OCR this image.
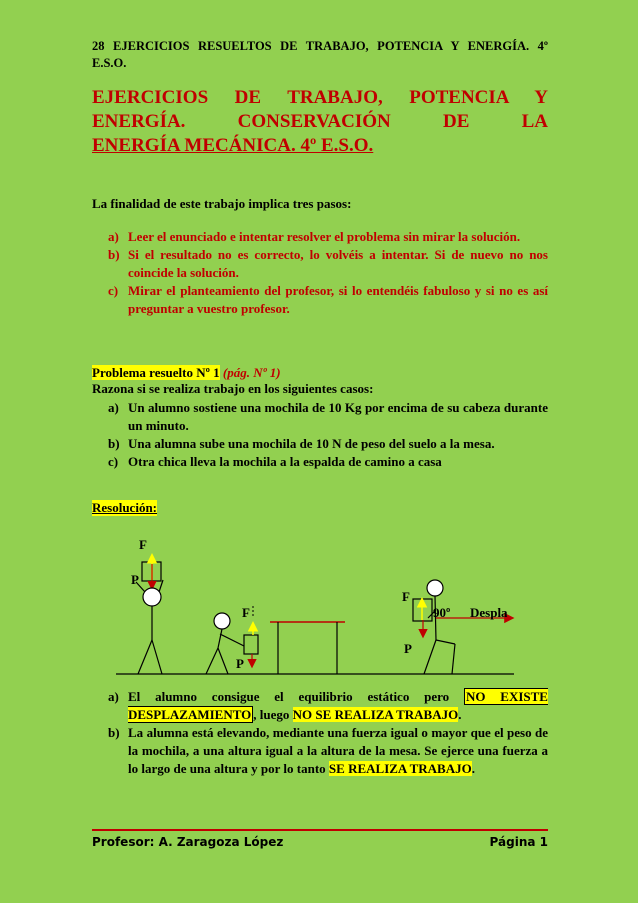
28 EJERCICIOS RESUELTOS DE TRABAJO, POTENCIA Y ENERGÍA. 4º E.S.O.
EJERCICIOS DE TRABAJO, POTENCIA Y
ENERGÍA. CONSERVACIÓN DE LA
ENERGÍA MECÁNICA. 4º E.S.O.
La finalidad de este trabajo implica tres pasos:
a) Leer el enunciado e intentar resolver el problema sin mirar la solución.
b) Si el resultado no es correcto, lo volvéis a intentar. Si de nuevo no nos coincide la solución.
c) Mirar el planteamiento del profesor, si lo entendéis fabuloso y si no es así preguntar a vuestro profesor.
Problema resuelto Nº 1 (pág. Nº 1)
Razona si se realiza trabajo en los siguientes casos:
a) Un alumno sostiene una mochila de 10 Kg por encima de su cabeza durante un minuto.
b) Una alumna sube una mochila de 10 N de peso del suelo a la mesa.
c) Otra chica lleva la mochila a la espalda de camino a casa
Resolución:
F
P
F
P
F
P
90º Despla
a) El alumno consigue el equilibrio estático pero NO EXISTE DESPLAZAMIENTO , luego NO SE REALIZA TRABAJO.
b) La alumna está elevando, mediante una fuerza igual o mayor que el peso de la mochila, a una altura igual a la altura de la mesa. Se ejerce una fuerza a lo largo de una altura y por lo tanto SE REALIZA TRABAJO.
Profesor: A. Zaragoza López	Página 1
